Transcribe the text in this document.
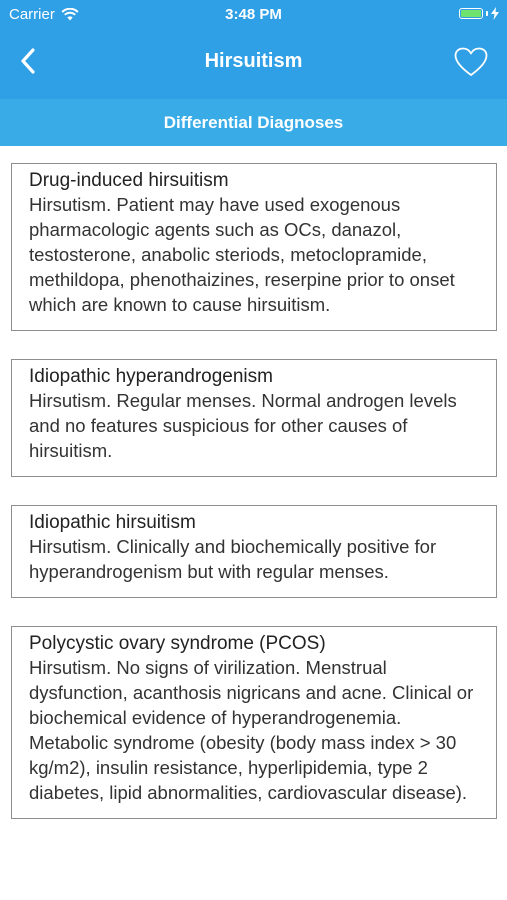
Carrier	3:48 PM
Hirsuitism
Differential Diagnoses
Drug-induced hirsuitism

Hirsutism. Patient may have used exogenous pharmacologic agents such as OCs, danazol, testosterone, anabolic steriods, metoclopramide, methildopa, phenothaizines, reserpine prior to onset which are known to cause hirsuitism.

Idiopathic hyperandrogenism

Hirsutism. Regular menses. Normal androgen levels and no features suspicious for other causes of hirsuitism.

Idiopathic hirsuitism

Hirsutism. Clinically and biochemically positive for hyperandrogenism but with regular menses.

Polycystic ovary syndrome (PCOS)

Hirsutism. No signs of virilization. Menstrual dysfunction, acanthosis nigricans and acne. Clinical or biochemical evidence of hyperandrogenemia. Metabolic syndrome (obesity (body mass index > 30 kg/m2), insulin resistance, hyperlipidemia, type 2 diabetes, lipid abnormalities, cardiovascular disease).
